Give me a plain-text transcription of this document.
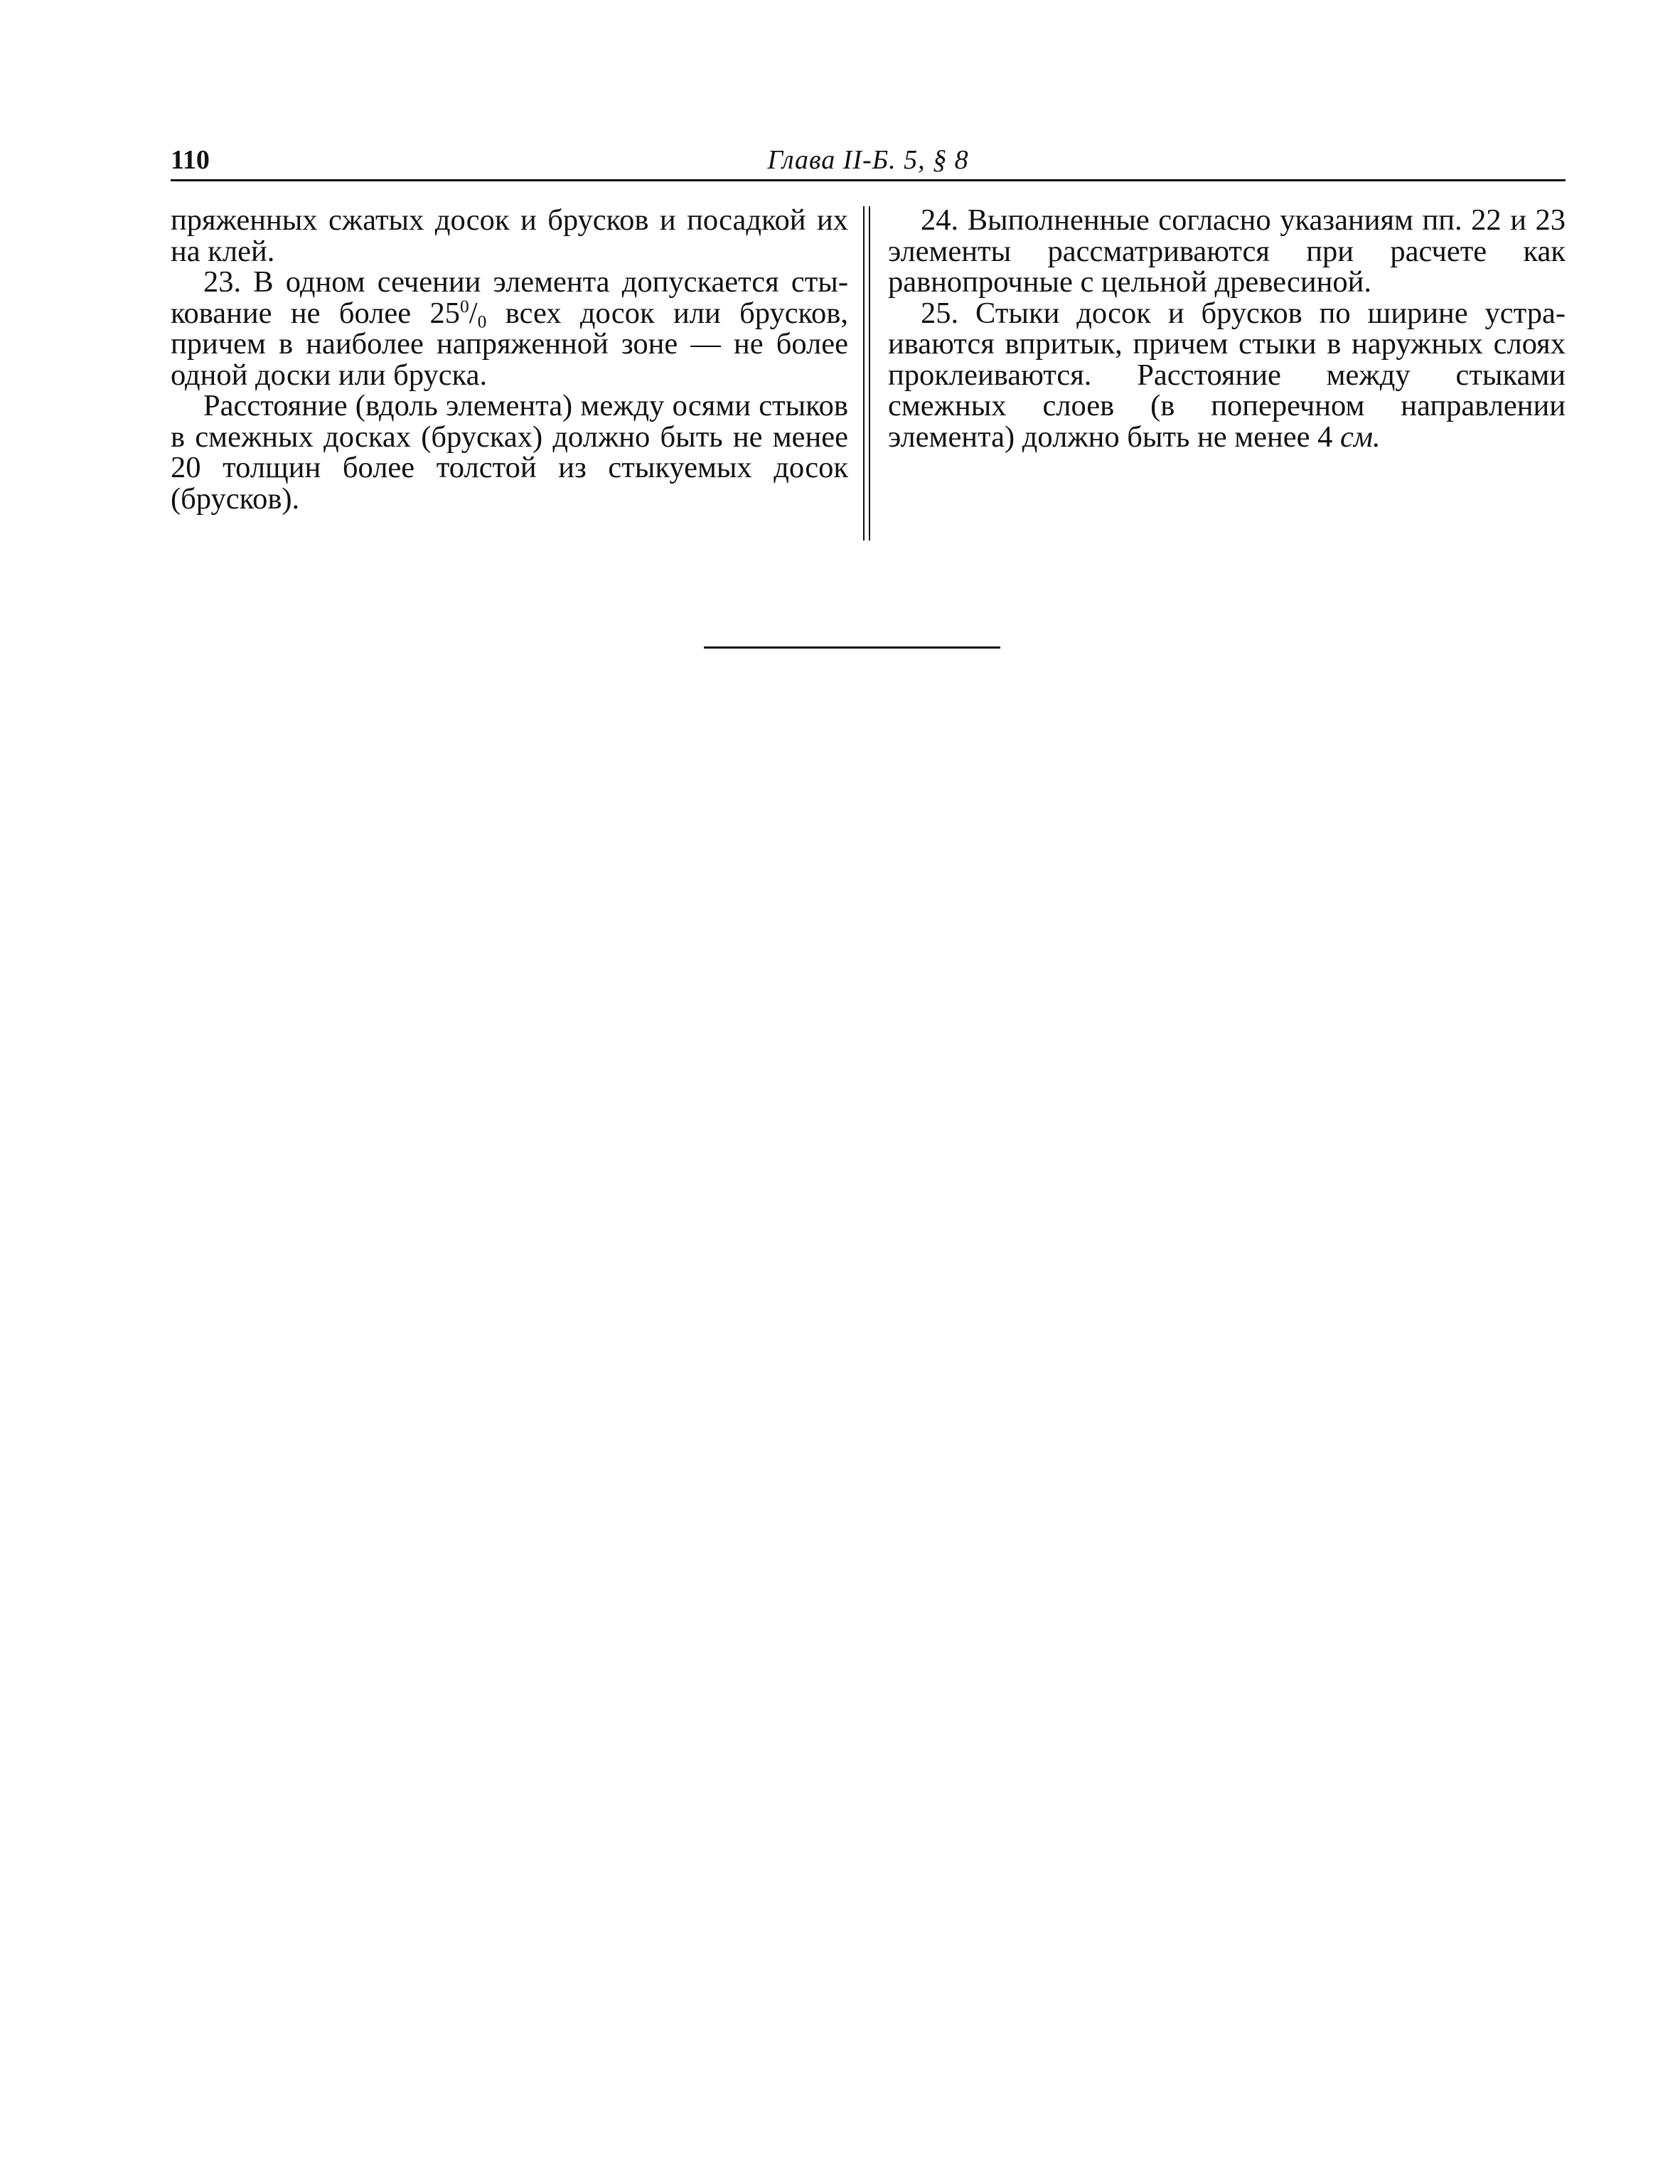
110	Глава II-Б. 5, § 8

пряженных сжатых досок и брусков и посадкой их на клей.

23. В одном сечении элемента допускается стыкование не более $25^0/_0$ всех досок или брусков, причем в наиболее напряженной зоне — не более одной доски или бруска.

Расстояние (вдоль элемента) между осями стыков в смежных досках (брусках) должно быть не менее 20 толщин более толстой из стыкуемых досок (брусков).

24. Выполненные согласно указаниям пп. 22 и 23 элементы рассматриваются при расчете как равнопрочные с цельной древесиной.

25. Стыки досок и брусков по ширине устраиваются впритык, причем стыки в наружных слоях проклеиваются. Расстояние между стыками смежных слоев (в поперечном направлении элемента) должно быть не менее 4 см.
